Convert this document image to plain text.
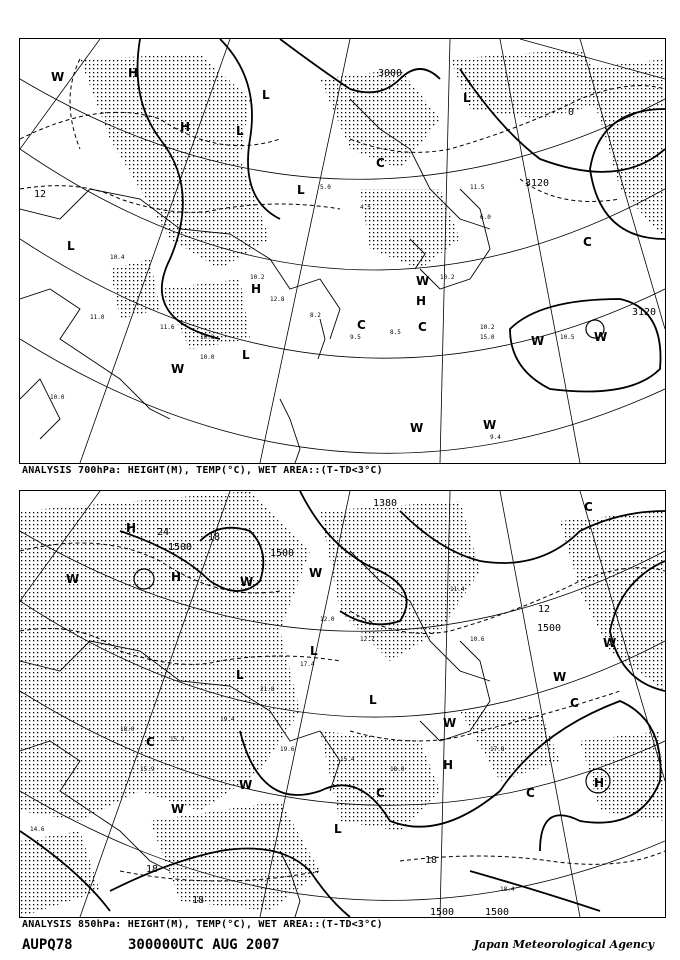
10.2
12.8
8.2
9.5
8.5
10.2
15.0	10.5
9.4
10.2
10.0
11.0
10.0
11.5
6.0
10.2
5.0
4.5
10.4
11.6
3000
3120
3120
12
0
H
L	L
H	L
L
C
L	C
W
W
H
C
W
W
C
H
L
W	W
W
ANALYSIS 700hPa: HEIGHT(M), TEMP(°C), WET AREA::(T-TD<3°C)
18.0
15.9
15.2
19.4
19.6
15.4
18.0
17.8
12.0
12.7	10.6
18.4
14.6
21.8
17.4
11.4
1500
1500
1500
1500
1380
1500
24	18
12
18
18
18
H
W	H	W
W
L
C
L
C
W
C
H
W
C
L
H
W
W
L
W
C
ANALYSIS 850hPa: HEIGHT(M), TEMP(°C), WET AREA::(T-TD<3°C)
AUPQ78	300000UTC AUG 2007	Japan Meteorological Agency
